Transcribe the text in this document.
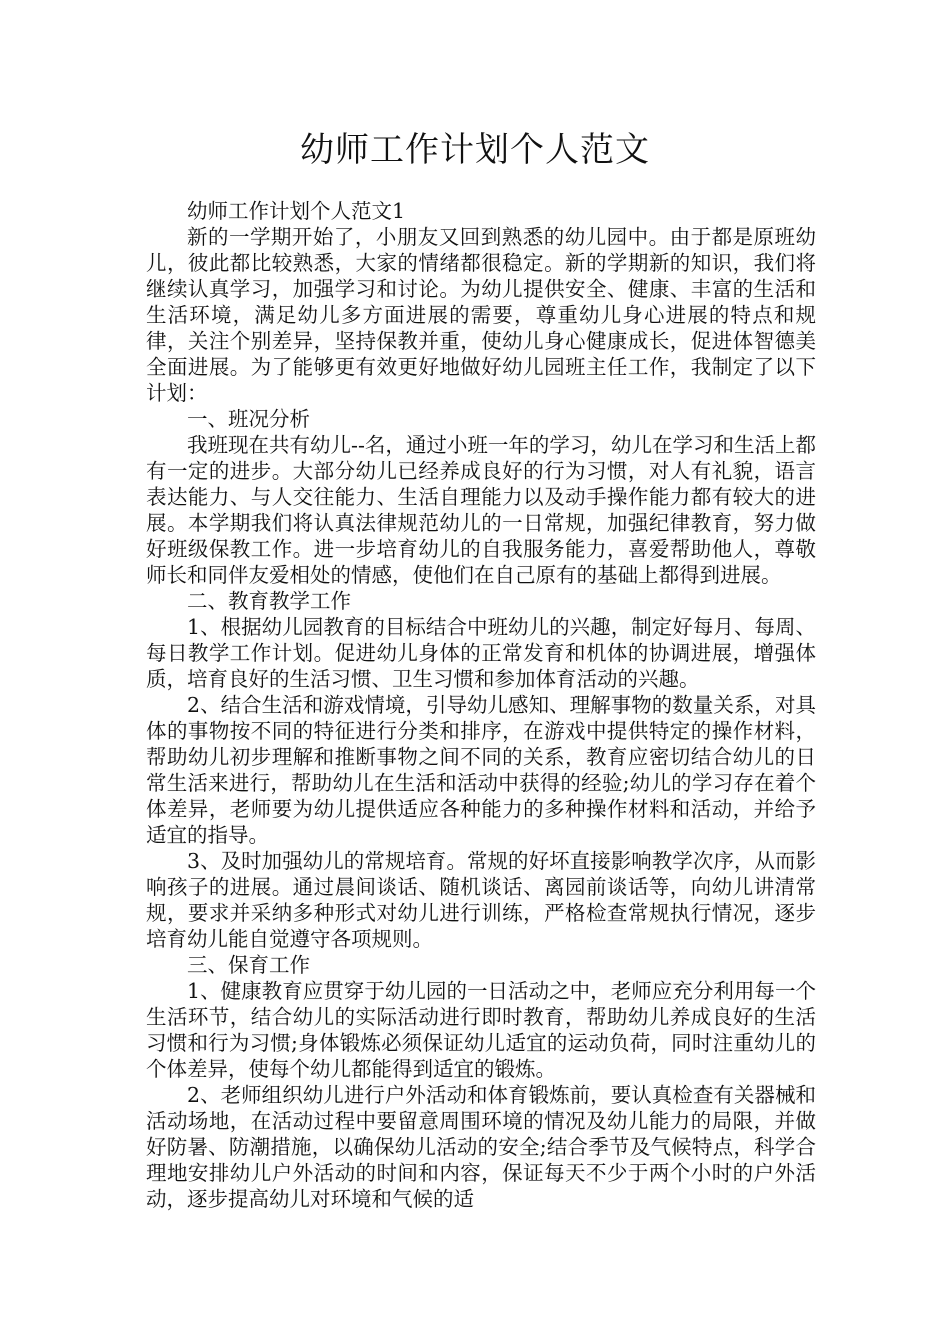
幼师工作计划个人范文

幼师工作计划个人范文1

新的一学期开始了，小朋友又回到熟悉的幼儿园中。由于都是原班幼儿，彼此都比较熟悉，大家的情绪都很稳定。新的学期新的知识，我们将继续认真学习，加强学习和讨论。为幼儿提供安全、健康、丰富的生活和生活环境，满足幼儿多方面进展的需要，尊重幼儿身心进展的特点和规律，关注个别差异，坚持保教并重，使幼儿身心健康成长，促进体智德美全面进展。为了能够更有效更好地做好幼儿园班主任工作，我制定了以下计划：

一、班况分析

我班现在共有幼儿--名，通过小班一年的学习，幼儿在学习和生活上都有一定的进步。大部分幼儿已经养成良好的行为习惯，对人有礼貌，语言表达能力、与人交往能力、生活自理能力以及动手操作能力都有较大的进展。本学期我们将认真法律规范幼儿的一日常规，加强纪律教育，努力做好班级保教工作。进一步培育幼儿的自我服务能力，喜爱帮助他人，尊敬师长和同伴友爱相处的情感，使他们在自己原有的基础上都得到进展。

二、教育教学工作

1、根据幼儿园教育的目标结合中班幼儿的兴趣，制定好每月、每周、每日教学工作计划。促进幼儿身体的正常发育和机体的协调进展，增强体质，培育良好的生活习惯、卫生习惯和参加体育活动的兴趣。

2、结合生活和游戏情境，引导幼儿感知、理解事物的数量关系，对具体的事物按不同的特征进行分类和排序，在游戏中提供特定的操作材料，帮助幼儿初步理解和推断事物之间不同的关系，教育应密切结合幼儿的日常生活来进行，帮助幼儿在生活和活动中获得的经验;幼儿的学习存在着个体差异，老师要为幼儿提供适应各种能力的多种操作材料和活动，并给予适宜的指导。

3、及时加强幼儿的常规培育。常规的好坏直接影响教学次序，从而影响孩子的进展。通过晨间谈话、随机谈话、离园前谈话等，向幼儿讲清常规，要求并采纳多种形式对幼儿进行训练，严格检查常规执行情况，逐步培育幼儿能自觉遵守各项规则。

三、保育工作

1、健康教育应贯穿于幼儿园的一日活动之中，老师应充分利用每一个生活环节，结合幼儿的实际活动进行即时教育，帮助幼儿养成良好的生活习惯和行为习惯;身体锻炼必须保证幼儿适宜的运动负荷，同时注重幼儿的个体差异，使每个幼儿都能得到适宜的锻炼。

2、老师组织幼儿进行户外活动和体育锻炼前，要认真检查有关器械和活动场地，在活动过程中要留意周围环境的情况及幼儿能力的局限，并做好防暑、防潮措施，以确保幼儿活动的安全;结合季节及气候特点，科学合理地安排幼儿户外活动的时间和内容，保证每天不少于两个小时的户外活动，逐步提高幼儿对环境和气候的适
